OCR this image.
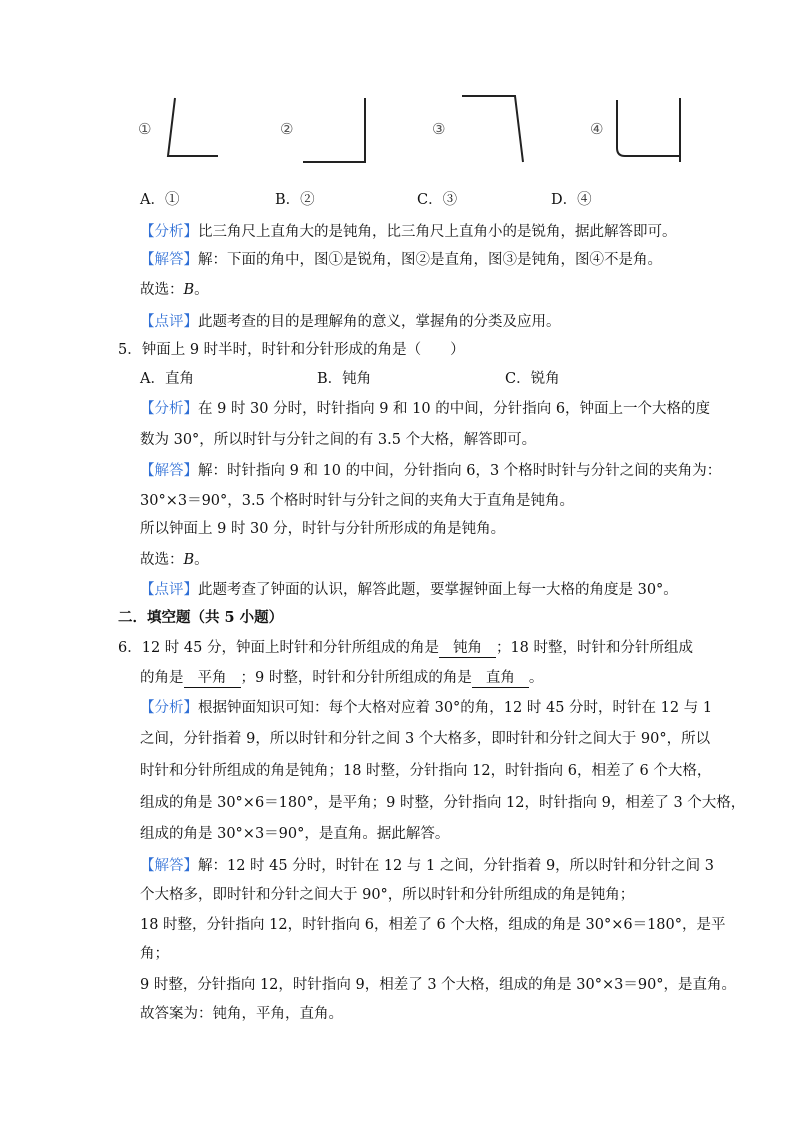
①	②	③	④
A．①	B．②	C．③	D．④
【分析】比三角尺上直角大的是钝角，比三角尺上直角小的是锐角，据此解答即可。
【解答】解：下面的角中，图①是锐角，图②是直角，图③是钝角，图④不是角。
故选：B。
【点评】此题考查的目的是理解角的意义，掌握角的分类及应用。
5．钟面上 9 时半时，时针和分针形成的角是（　　）
A．直角	B．钝角	C．锐角
【分析】在 9 时 30 分时，时针指向 9 和 10 的中间，分针指向 6，钟面上一个大格的度
数为 30°，所以时针与分针之间的有 3.5 个大格，解答即可。
【解答】解：时针指向 9 和 10 的中间，分针指向 6，3 个格时时针与分针之间的夹角为：
30°×3＝90°，3.5 个格时时针与分针之间的夹角大于直角是钝角。
所以钟面上 9 时 30 分，时针与分针所形成的角是钝角。
故选：B。
【点评】此题考查了钟面的认识，解答此题，要掌握钟面上每一大格的角度是 30°。
二．填空题（共 5 小题）
6．12 时 45 分，钟面上时针和分针所组成的角是 钝角 ；18 时整，时针和分针所组成
的角是 平角 ；9 时整，时针和分针所组成的角是 直角 。
【分析】根据钟面知识可知：每个大格对应着 30°的角，12 时 45 分时，时针在 12 与 1
之间，分针指着 9，所以时针和分针之间 3 个大格多，即时针和分针之间大于 90°，所以
时针和分针所组成的角是钝角；18 时整，分针指向 12，时针指向 6，相差了 6 个大格，
组成的角是 30°×6＝180°，是平角；9 时整，分针指向 12，时针指向 9，相差了 3 个大格，
组成的角是 30°×3＝90°，是直角。据此解答。
【解答】解：12 时 45 分时，时针在 12 与 1 之间，分针指着 9，所以时针和分针之间 3
个大格多，即时针和分针之间大于 90°，所以时针和分针所组成的角是钝角；
18 时整，分针指向 12，时针指向 6，相差了 6 个大格，组成的角是 30°×6＝180°，是平
角；
9 时整，分针指向 12，时针指向 9，相差了 3 个大格，组成的角是 30°×3＝90°，是直角。
故答案为：钝角，平角，直角。
